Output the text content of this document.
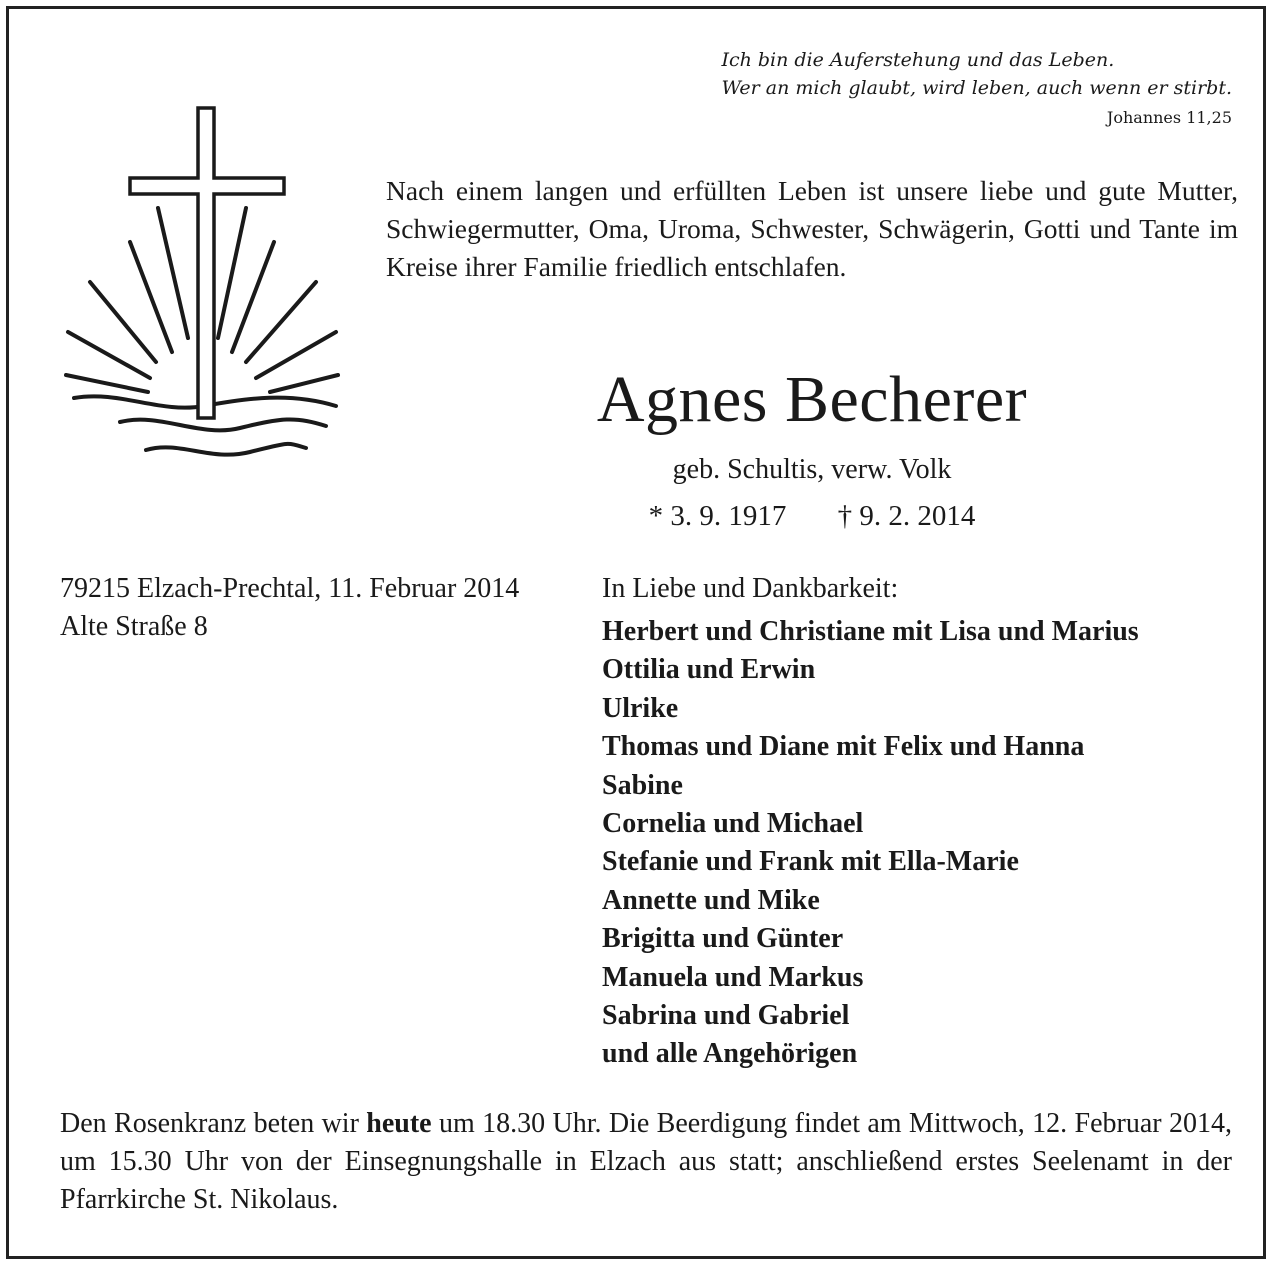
Ich bin die Auferstehung und das Leben.
Wer an mich glaubt, wird leben, auch wenn er stirbt.
Johannes 11,25
Nach einem langen und erfüllten Leben ist unsere liebe und gute Mutter, Schwiegermutter, Oma, Uroma, Schwester, Schwägerin, Gotti und Tante im Kreise ihrer Familie friedlich entschlafen.
Agnes Becherer
geb. Schultis, verw. Volk
* 3. 9. 1917 † 9. 2. 2014
79215 Elzach-Prechtal, 11. Februar 2014
Alte Straße 8
In Liebe und Dankbarkeit:
Herbert und Christiane mit Lisa und Marius
Ottilia und Erwin
Ulrike
Thomas und Diane mit Felix und Hanna
Sabine
Cornelia und Michael
Stefanie und Frank mit Ella-Marie
Annette und Mike
Brigitta und Günter
Manuela und Markus
Sabrina und Gabriel
und alle Angehörigen
Den Rosenkranz beten wir heute um 18.30 Uhr. Die Beerdigung findet am Mittwoch, 12. Februar 2014, um 15.30 Uhr von der Einsegnungshalle in Elzach aus statt; anschließend erstes Seelenamt in der Pfarrkirche St. Nikolaus.
